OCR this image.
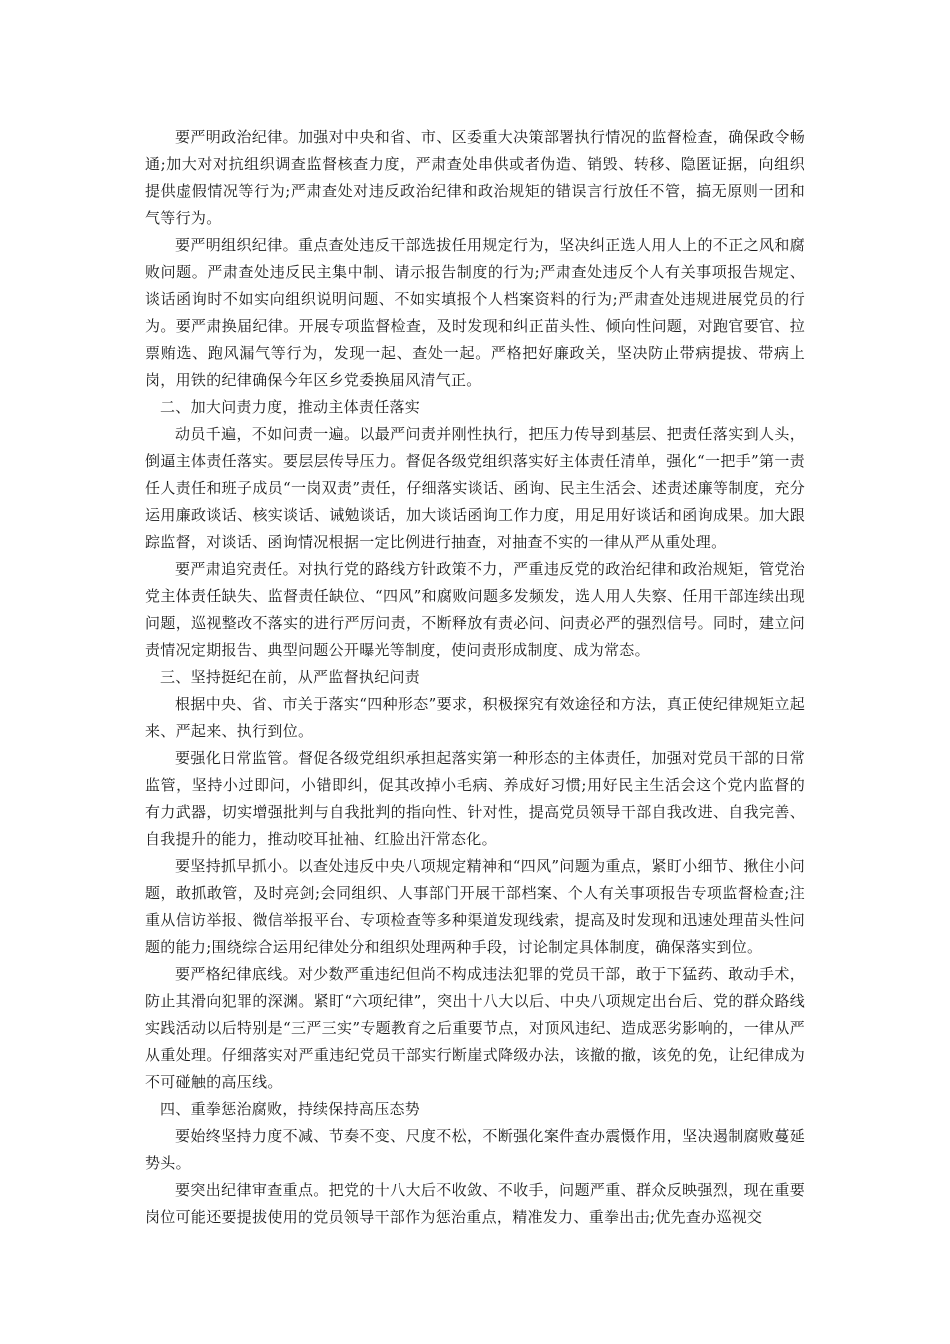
要严明政治纪律。加强对中央和省、市、区委重大决策部署执行情况的监督检查，确保政令畅通;加大对对抗组织调查监督核查力度，严肃查处串供或者伪造、销毁、转移、隐匿证据，向组织提供虚假情况等行为;严肃查处对违反政治纪律和政治规矩的错误言行放任不管，搞无原则一团和气等行为。

要严明组织纪律。重点查处违反干部选拔任用规定行为，坚决纠正选人用人上的不正之风和腐败问题。严肃查处违反民主集中制、请示报告制度的行为;严肃查处违反个人有关事项报告规定、谈话函询时不如实向组织说明问题、不如实填报个人档案资料的行为;严肃查处违规进展党员的行为。要严肃换届纪律。开展专项监督检查，及时发现和纠正苗头性、倾向性问题，对跑官要官、拉票贿选、跑风漏气等行为，发现一起、查处一起。严格把好廉政关，坚决防止带病提拔、带病上岗，用铁的纪律确保今年区乡党委换届风清气正。

二、加大问责力度，推动主体责任落实

动员千遍，不如问责一遍。以最严问责并刚性执行，把压力传导到基层、把责任落实到人头，倒逼主体责任落实。要层层传导压力。督促各级党组织落实好主体责任清单，强化“一把手”第一责任人责任和班子成员“一岗双责”责任，仔细落实谈话、函询、民主生活会、述责述廉等制度，充分运用廉政谈话、核实谈话、诫勉谈话，加大谈话函询工作力度，用足用好谈话和函询成果。加大跟踪监督，对谈话、函询情况根据一定比例进行抽查，对抽查不实的一律从严从重处理。

要严肃追究责任。对执行党的路线方针政策不力，严重违反党的政治纪律和政治规矩，管党治党主体责任缺失、监督责任缺位、“四风”和腐败问题多发频发，选人用人失察、任用干部连续出现问题，巡视整改不落实的进行严厉问责，不断释放有责必问、问责必严的强烈信号。同时，建立问责情况定期报告、典型问题公开曝光等制度，使问责形成制度、成为常态。

三、坚持挺纪在前，从严监督执纪问责

根据中央、省、市关于落实“四种形态”要求，积极探究有效途径和方法，真正使纪律规矩立起来、严起来、执行到位。

要强化日常监管。督促各级党组织承担起落实第一种形态的主体责任，加强对党员干部的日常监管，坚持小过即问，小错即纠，促其改掉小毛病、养成好习惯;用好民主生活会这个党内监督的有力武器，切实增强批判与自我批判的指向性、针对性，提高党员领导干部自我改进、自我完善、自我提升的能力，推动咬耳扯袖、红脸出汗常态化。

要坚持抓早抓小。以查处违反中央八项规定精神和“四风”问题为重点，紧盯小细节、揪住小问题，敢抓敢管，及时亮剑;会同组织、人事部门开展干部档案、个人有关事项报告专项监督检查;注重从信访举报、微信举报平台、专项检查等多种渠道发现线索，提高及时发现和迅速处理苗头性问题的能力;围绕综合运用纪律处分和组织处理两种手段，讨论制定具体制度，确保落实到位。

要严格纪律底线。对少数严重违纪但尚不构成违法犯罪的党员干部，敢于下猛药、敢动手术，防止其滑向犯罪的深渊。紧盯“六项纪律”，突出十八大以后、中央八项规定出台后、党的群众路线实践活动以后特别是“三严三实”专题教育之后重要节点，对顶风违纪、造成恶劣影响的，一律从严从重处理。仔细落实对严重违纪党员干部实行断崖式降级办法，该撤的撤，该免的免，让纪律成为不可碰触的高压线。

四、重拳惩治腐败，持续保持高压态势

要始终坚持力度不减、节奏不变、尺度不松，不断强化案件查办震慑作用，坚决遏制腐败蔓延势头。

要突出纪律审查重点。把党的十八大后不收敛、不收手，问题严重、群众反映强烈，现在重要岗位可能还要提拔使用的党员领导干部作为惩治重点，精准发力、重拳出击;优先查办巡视交
